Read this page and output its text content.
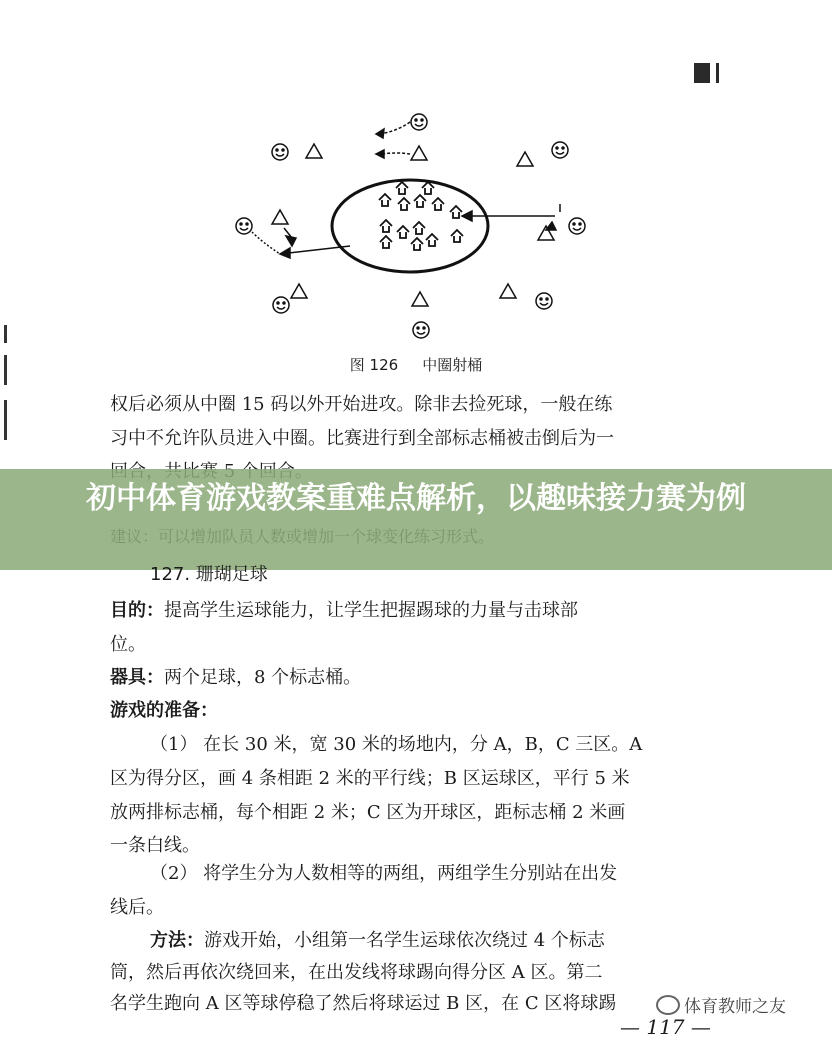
图 126 中圈射桶
权后必须从中圈 15 码以外开始进攻。除非去捡死球，一般在练
习中不允许队员进入中圈。比赛进行到全部标志桶被击倒后为一
初中体育游戏教案重难点解析，以趣味接力赛为例
127. 珊瑚足球
目的：提高学生运球能力，让学生把握踢球的力量与击球部
位。
器具：两个足球，8 个标志桶。
游戏的准备：
（1） 在长 30 米，宽 30 米的场地内，分 A，B，C 三区。A
区为得分区，画 4 条相距 2 米的平行线；B 区运球区，平行 5 米
放两排标志桶，每个相距 2 米；C 区为开球区，距标志桶 2 米画
一条白线。
（2） 将学生分为人数相等的两组，两组学生分别站在出发
线后。
方法：游戏开始，小组第一名学生运球依次绕过 4 个标志
筒，然后再依次绕回来，在出发线将球踢向得分区 A 区。第二
名学生跑向 A 区等球停稳了然后将球运过 B 区，在 C 区将球踢	体育教师之友
— 117 —
